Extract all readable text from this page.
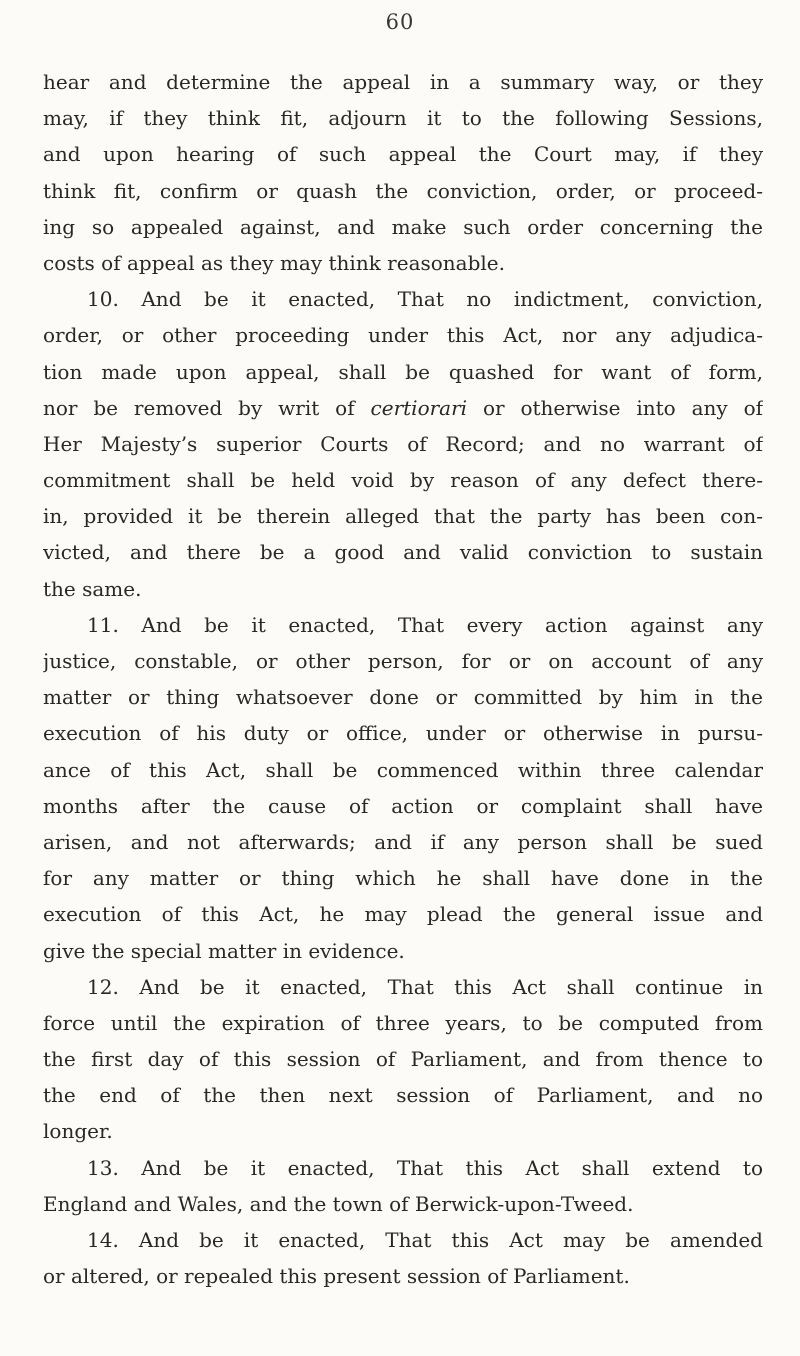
60
hear and determine the appeal in a summary way, or they
may, if they think fit, adjourn it to the following Sessions,
and upon hearing of such appeal the Court may, if they
think fit, confirm or quash the conviction, order, or proceed-
ing so appealed against, and make such order concerning the
costs of appeal as they may think reasonable.
10. And be it enacted, That no indictment, conviction,
order, or other proceeding under this Act, nor any adjudica-
tion made upon appeal, shall be quashed for want of form,
nor be removed by writ of certiorari or otherwise into any of
Her Majesty’s superior Courts of Record; and no warrant of
commitment shall be held void by reason of any defect there-
in, provided it be therein alleged that the party has been con-
victed, and there be a good and valid conviction to sustain
the same.
11. And be it enacted, That every action against any
justice, constable, or other person, for or on account of any
matter or thing whatsoever done or committed by him in the
execution of his duty or office, under or otherwise in pursu-
ance of this Act, shall be commenced within three calendar
months after the cause of action or complaint shall have
arisen, and not afterwards; and if any person shall be sued
for any matter or thing which he shall have done in the
execution of this Act, he may plead the general issue and
give the special matter in evidence.
12. And be it enacted, That this Act shall continue in
force until the expiration of three years, to be computed from
the first day of this session of Parliament, and from thence to
the end of the then next session of Parliament, and no
longer.
13. And be it enacted, That this Act shall extend to
England and Wales, and the town of Berwick-upon-Tweed.
14. And be it enacted, That this Act may be amended
or altered, or repealed this present session of Parliament.
